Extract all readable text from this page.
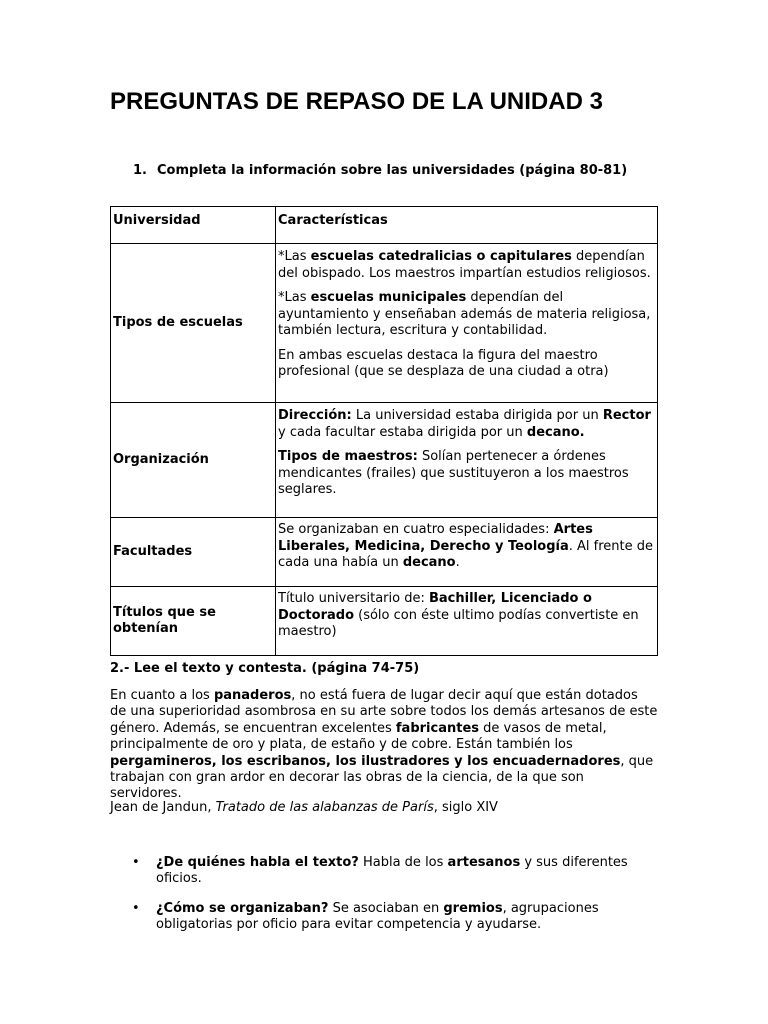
PREGUNTAS DE REPASO DE LA UNIDAD 3
1. Completa la información sobre las universidades (página 80-81)
Universidad	Características
Tipos de escuelas	*Las escuelas catedralicias o capitulares dependían del obispado. Los maestros impartían estudios religiosos.

*Las escuelas municipales dependían del ayuntamiento y enseñaban además de materia religiosa, también lectura, escritura y contabilidad.

En ambas escuelas destaca la figura del maestro profesional (que se desplaza de una ciudad a otra)

Organización	Dirección: La universidad estaba dirigida por un Rector y cada facultar estaba dirigida por un decano.

Tipos de maestros: Solían pertenecer a órdenes mendicantes (frailes) que sustituyeron a los maestros seglares.

Facultades	Se organizaban en cuatro especialidades: Artes Liberales, Medicina, Derecho y Teología. Al frente de cada una había un decano.

Títulos que se obtenían	Título universitario de: Bachiller, Licenciado o Doctorado (sólo con éste ultimo podías convertiste en maestro)

2.- Lee el texto y contesta. (página 74-75)
En cuanto a los panaderos, no está fuera de lugar decir aquí que están dotados de una superioridad asombrosa en su arte sobre todos los demás artesanos de este género. Además, se encuentran excelentes fabricantes de vasos de metal, principalmente de oro y plata, de estaño y de cobre. Están también los pergamineros, los escribanos, los ilustradores y los encuadernadores, que trabajan con gran ardor en decorar las obras de la ciencia, de la que son servidores.
Jean de Jandun, Tratado de las alabanzas de París, siglo XIV
• ¿De quiénes habla el texto? Habla de los artesanos y sus diferentes oficios.
• ¿Cómo se organizaban? Se asociaban en gremios, agrupaciones obligatorias por oficio para evitar competencia y ayudarse.
